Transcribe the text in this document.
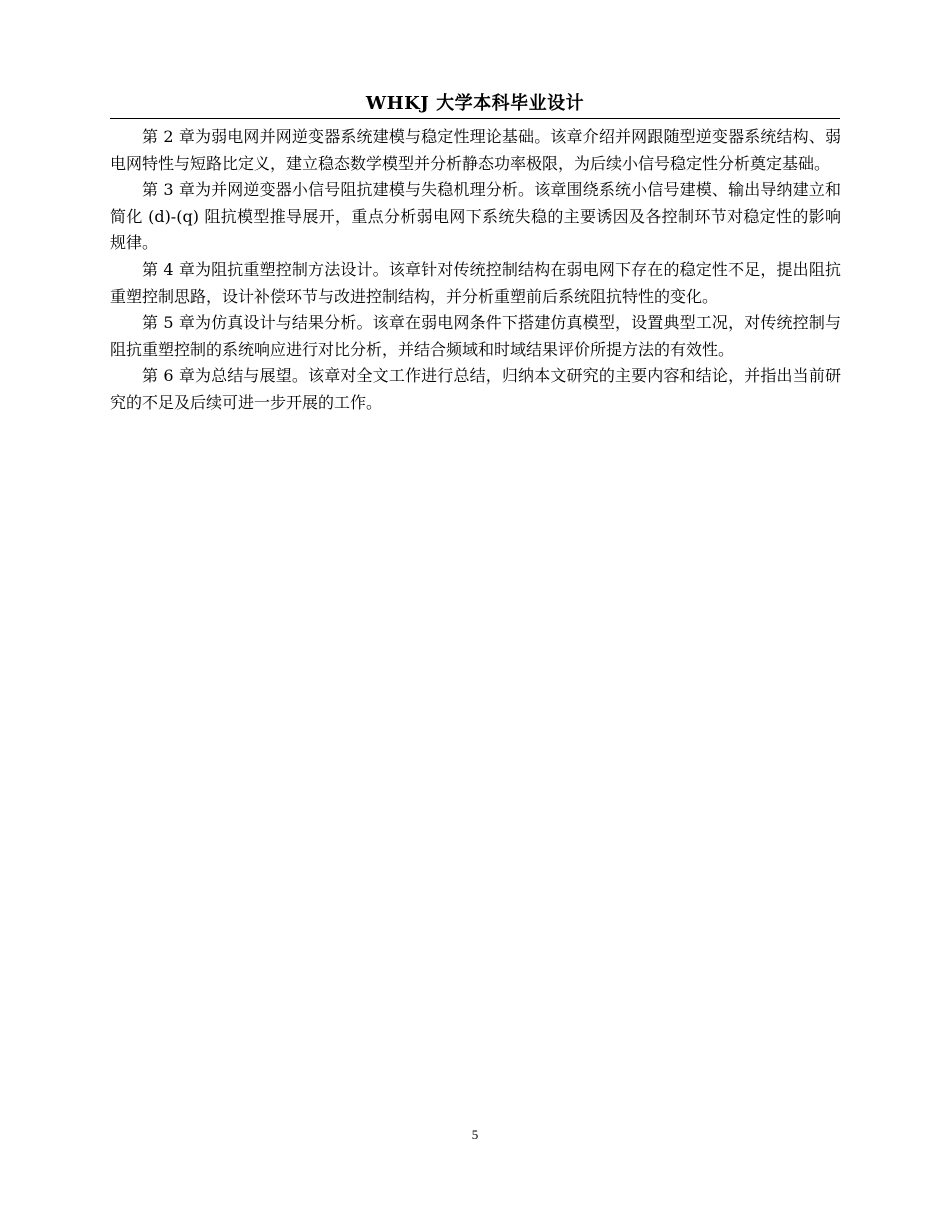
WHKJ 大学本科毕业设计

第 2 章为弱电网并网逆变器系统建模与稳定性理论基础。该章介绍并网跟随型逆变器系统结构、弱电网特性与短路比定义，建立稳态数学模型并分析静态功率极限，为后续小信号稳定性分析奠定基础。

第 3 章为并网逆变器小信号阻抗建模与失稳机理分析。该章围绕系统小信号建模、输出导纳建立和简化 (d)-(q) 阻抗模型推导展开，重点分析弱电网下系统失稳的主要诱因及各控制环节对稳定性的影响规律。

第 4 章为阻抗重塑控制方法设计。该章针对传统控制结构在弱电网下存在的稳定性不足，提出阻抗重塑控制思路，设计补偿环节与改进控制结构，并分析重塑前后系统阻抗特性的变化。

第 5 章为仿真设计与结果分析。该章在弱电网条件下搭建仿真模型，设置典型工况，对传统控制与阻抗重塑控制的系统响应进行对比分析，并结合频域和时域结果评价所提方法的有效性。

第 6 章为总结与展望。该章对全文工作进行总结，归纳本文研究的主要内容和结论，并指出当前研究的不足及后续可进一步开展的工作。

5
